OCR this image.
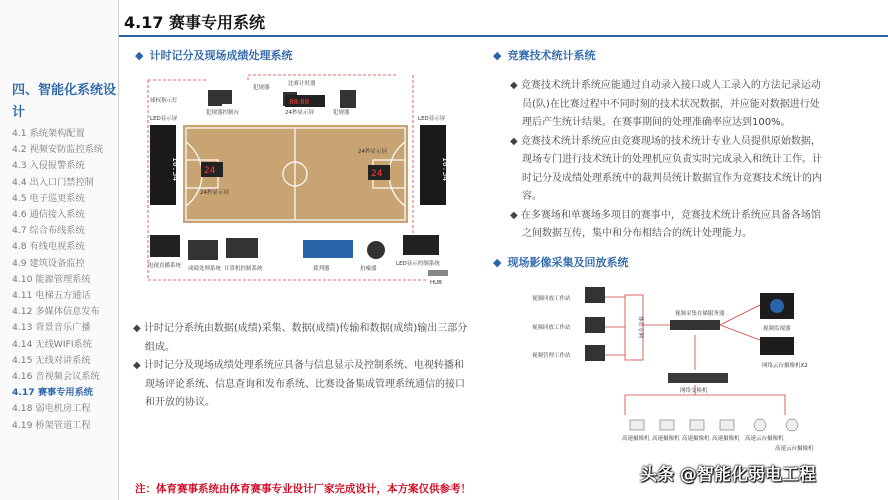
四、智能化系统设计
4.1 系统架构配置
4.2 视频安防监控系统
4.3 入侵报警系统
4.4 出入口门禁控制
4.5 电子巡更系统
4.6 通信接入系统
4.7 综合布线系统
4.8 有线电视系统
4.9 建筑设备监控
4.10 能源管理系统
4.11 电梯五方通话
4.12 多媒体信息发布
4.13 背景音乐广播
4.14 无线WIFI系统
4.15 无线对讲系统
4.16 音视频会议系统
4.17 赛事专用系统
4.18 弱电机房工程
4.19 桥架管道工程
4.17 赛事专用系统
◆ 计时记分及现场成绩处理系统
LED显示屏
10:34
LED显示屏
10:34
24
24秒显示屏
24
24秒显示屏
球权指示灯
犯规器
犯规器控制台
88:88
24秒显示屏
比赛计时器
犯规器
电视直播系统 成绩处理系统 计算机控制系统	裁判器	抗噪器
LED显示控制系统
HUB

◆ 计时记分系统由数据(成绩)采集、数据(成绩)传输和数据(成绩)输出三部分组成。

◆ 计时记分及现场成绩处理系统应具备与信息显示及控制系统、电视转播和现场评论系统、信息查询和发布系统、比赛设备集成管理系统通信的接口和开放的协议。

◆ 竞赛技术统计系统

◆ 竞赛技术统计系统应能通过自动录入接口或人工录入的方法记录运动员(队)在比赛过程中不同时刻的技术状况数据，并应能对数据进行处理后产生统计结果。在赛事期间的处理准确率应达到100%。

◆ 竞赛技术统计系统应由竞赛现场的技术统计专业人员提供原始数据，现场专门进行技术统计的处理机应负责实时完成录入和统计工作。计时记分及成绩处理系统中的裁判员统计数据宜作为竞赛技术统计的内容。

◆ 在多赛场和单赛场多项目的赛事中，竞赛技术统计系统应具备各场馆之间数据互传，集中和分布相结合的统计处理能力。

◆ 现场影像采集及回放系统
视频回放工作站
视频回放工作站
视频管理工作站
体育专网
视频采集存储服务器
视频监视器
网络云台摄像机X2
网络交换机
高速摄像机 高速摄像机 高速摄像机 高速摄像机 高速云台摄像机
高速云台摄像机
注：体育赛事系统由体育赛事专业设计厂家完成设计，本方案仅供参考！
头条 @智能化弱电工程
